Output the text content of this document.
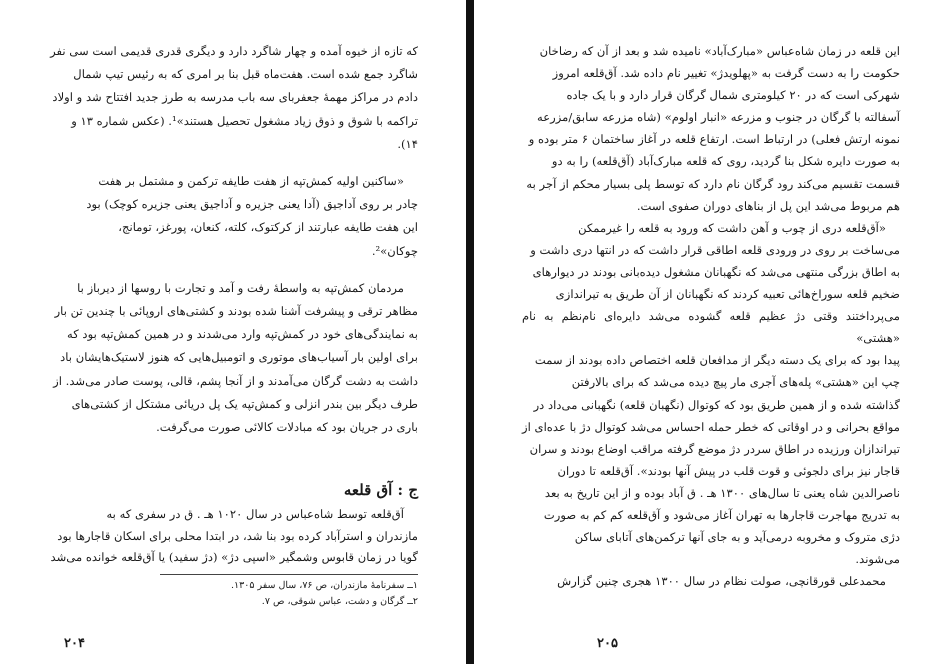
که تازه از خیوه آمده و چهار شاگرد دارد و دیگری قدری قدیمی است سی نفر
شاگرد جمع شده است. هفت‌ماه قبل بنا بر امری که به رئیس تیپ شمال
دادم در مراکز مهمهٔ جعفربای سه باب مدرسه به طرز جدید افتتاح شد و اولاد
تراکمه با شوق و ذوق زیاد مشغول تحصیل هستند»¹. (عکس شماره ۱۳ و
۱۴).

«ساکنین اولیه کمش‌تپه از هفت طایفه ترکمن و مشتمل بر هفت
چادر بر روی آداجیق (آدا یعنی جزیره و آداجیق یعنی جزیره کوچک) بود
این هفت طایفه عبارتند از کرکتوک، کلته، کنعان، پورغز، تومانج،
چوکان»².

مردمان کمش‌تپه به واسطهٔ رفت و آمد و تجارت با روسها از دیرباز با
مظاهر ترقی و پیشرفت آشنا شده بودند و کشتی‌های اروپائی با چندین تن بار
به نمایندگی‌های خود در کمش‌تپه وارد می‌شدند و در همین کمش‌تپه بود که
برای اولین بار آسیاب‌های موتوری و اتومبیل‌هایی که هنوز لاستیک‌هایشان باد
داشت به دشت گرگان می‌آمدند و از آنجا پشم، قالی، پوست صادر می‌شد. از
طرف دیگر بین بندر انزلی و کمش‌تپه یک پل دریائی مشتکل از کشتی‌های
باری در جریان بود که مبادلات کالائی صورت می‌گرفت.

ج : آق قلعه

آق‌قلعه توسط شاه‌عباس در سال ۱۰۲۰ هـ . ق در سفری که به
مازندران و استرآباد کرده بود بنا شد، در ابتدا محلی برای اسکان قاجارها بود
گویا در زمان قابوس وشمگیر «اسپی دژ» (دژ سفید) یا آق‌قلعه خوانده می‌شد

۱ــ سفرنامهٔ مازندران، ص ۷۶، سال سفر ۱۳۰۵.
۲ــ گرگان و دشت، عباس شوقی، ص ۷.
۲۰۴

این قلعه در زمان شاه‌عباس «مبارک‌آباد» نامیده شد و بعد از آن که رضاخان
حکومت را به دست گرفت به «پهلویدژ» تغییر نام داده شد. آق‌قلعه امروز
شهرکی است که در ۲۰ کیلومتری شمال گرگان قرار دارد و با یک جاده
آسفالته با گرگان در جنوب و مزرعه «انبار اولوم» (شاه مزرعه سابق/مزرعه
نمونه ارتش فعلی) در ارتباط است. ارتفاع قلعه در آغاز ساختمان ۶ متر بوده و
به صورت دایره شکل بنا گردید، روی که قلعه مبارک‌آباد (آق‌قلعه) را به دو
قسمت تقسیم می‌کند رود گرگان نام دارد که توسط پلی بسیار محکم از آجر به
هم مربوط می‌شد این پل از بناهای دوران صفوی است.

«آق‌قلعه دری از چوب و آهن داشت که ورود به قلعه را غیرممکن
می‌ساخت بر روی در ورودی قلعه اطاقی قرار داشت که در انتها دری داشت و
به اطاق بزرگی منتهی می‌شد که نگهبانان مشغول دیده‌بانی بودند در دیوارهای
ضخیم قلعه سوراخ‌هائی تعبیه کردند که نگهبانان از آن طریق به تیراندازی
می‌پرداختند وقتی دژ عظیم قلعه گشوده می‌شد دایره‌ای نام‌نظم به نام «هشتی»
پیدا بود که برای یک دسته دیگر از مدافعان قلعه اختصاص داده بودند از سمت
چپ این «هشتی» پله‌های آجری مار پیچ دیده می‌شد که برای بالارفتن
گذاشته شده و از همین طریق بود که کوتوال (نگهبان قلعه) نگهبانی می‌داد در
مواقع بحرانی و در اوقاتی که خطر حمله احساس می‌شد کوتوال دژ با عده‌ای از
تیراندازان ورزیده در اطاق سردر دژ موضع گرفته مراقب اوضاع بودند و سران
قاجار نیز برای دلجوئی و قوت قلب در پیش آنها بودند». آق‌قلعه تا دوران
ناصرالدین شاه یعنی تا سال‌های ۱۳۰۰ هـ . ق آباد بوده و از این تاریخ به بعد
به تدریج مهاجرت قاجارها به تهران آغاز می‌شود و آق‌قلعه کم کم به صورت
دژی متروک و مخروبه درمی‌آید و به جای آنها ترکمن‌های آتابای ساکن
می‌شوند.

محمدعلی قورقانچی، صولت نظام در سال ۱۳۰۰ هجری چنین گزارش

۲۰۵
